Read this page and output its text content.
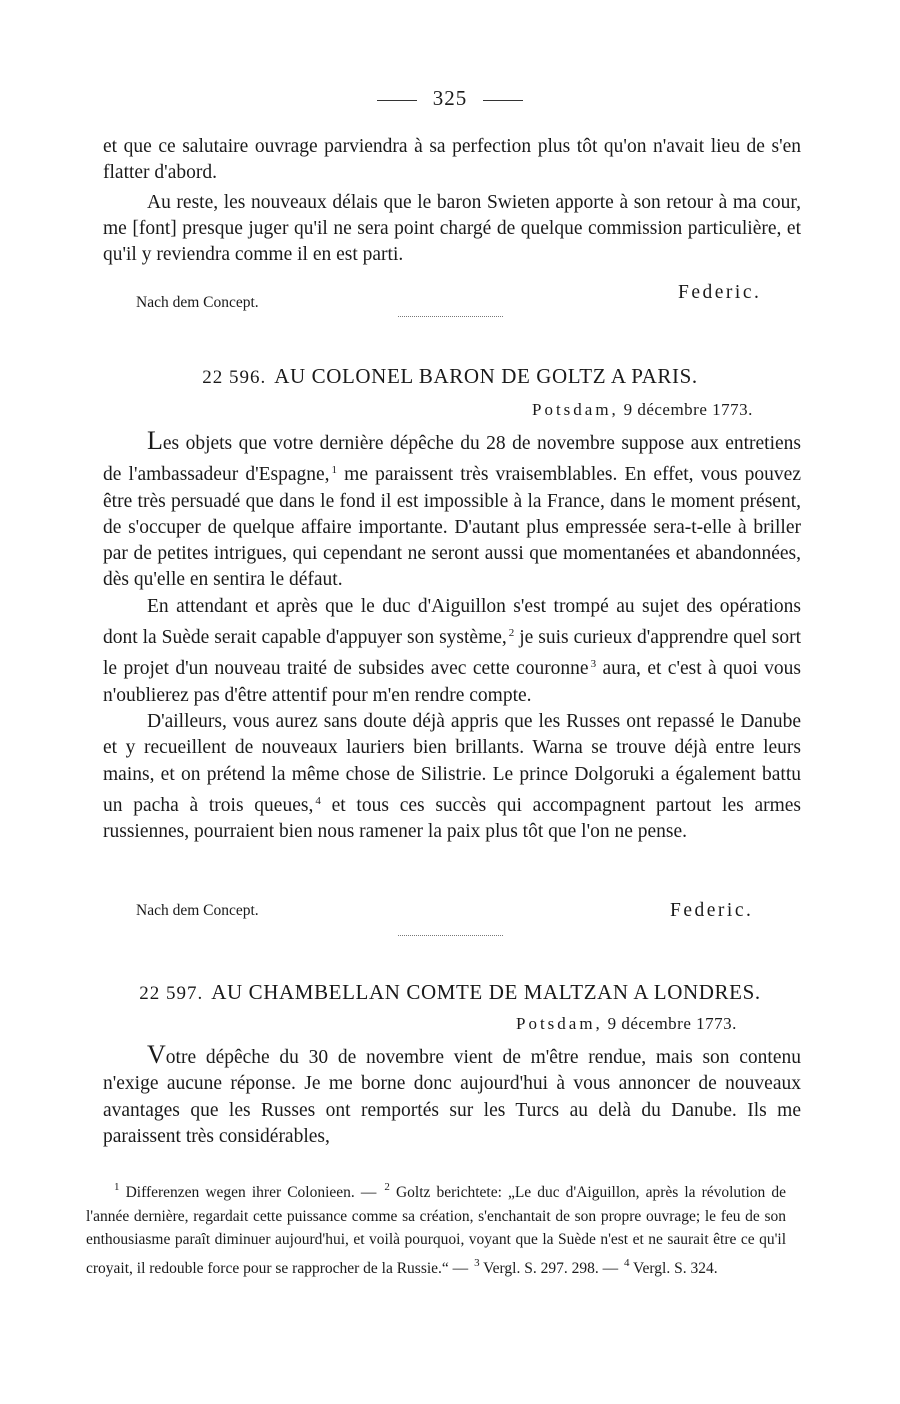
325

et que ce salutaire ouvrage parviendra à sa perfection plus tôt qu'on n'avait lieu de s'en flatter d'abord.

Au reste, les nouveaux délais que le baron Swieten apporte à son retour à ma cour, me [font] presque juger qu'il ne sera point chargé de quelque commission particulière, et qu'il y reviendra comme il en est parti.

Nach dem Concept.	Federic.
22 596. AU COLONEL BARON DE GOLTZ A PARIS.
Potsdam, 9 décembre 1773.

Les objets que votre dernière dépêche du 28 de novembre suppose aux entretiens de l'ambassadeur d'Espagne, $^1$ me paraissent très vraisemblables. En effet, vous pouvez être très persuadé que dans le fond il est impossible à la France, dans le moment présent, de s'occuper de quelque affaire importante. D'autant plus empressée sera-t-elle à briller par de petites intrigues, qui cependant ne seront aussi que momentanées et abandonnées, dès qu'elle en sentira le défaut.

En attendant et après que le duc d'Aiguillon s'est trompé au sujet des opérations dont la Suède serait capable d'appuyer son système, $^2$ je suis curieux d'apprendre quel sort le projet d'un nouveau traité de subsides avec cette couronne $^3$ aura, et c'est à quoi vous n'oublierez pas d'être attentif pour m'en rendre compte.

D'ailleurs, vous aurez sans doute déjà appris que les Russes ont repassé le Danube et y recueillent de nouveaux lauriers bien brillants. Warna se trouve déjà entre leurs mains, et on prétend la même chose de Silistrie. Le prince Dolgoruki a également battu un pacha à trois queues, $^4$ et tous ces succès qui accompagnent partout les armes russiennes, pourraient bien nous ramener la paix plus tôt que l'on ne pense.

Nach dem Concept.	Federic.
22 597. AU CHAMBELLAN COMTE DE MALTZAN A LONDRES.
Potsdam, 9 décembre 1773.

Votre dépêche du 30 de novembre vient de m'être rendue, mais son contenu n'exige aucune réponse. Je me borne donc aujourd'hui à vous annoncer de nouveaux avantages que les Russes ont remportés sur les Turcs au delà du Danube. Ils me paraissent très considérables,

$^1$ Differenzen wegen ihrer Colonieen. — $^2$ Goltz berichtete: „Le duc d'Aiguillon, après la révolution de l'année dernière, regardait cette puissance comme sa création, s'enchantait de son propre ouvrage; le feu de son enthousiasme paraît diminuer aujourd'hui, et voilà pourquoi, voyant que la Suède n'est et ne saurait être ce qu'il croyait, il redouble force pour se rapprocher de la Russie.“ — $^3$ Vergl. S. 297. 298. — $^4$ Vergl. S. 324.
